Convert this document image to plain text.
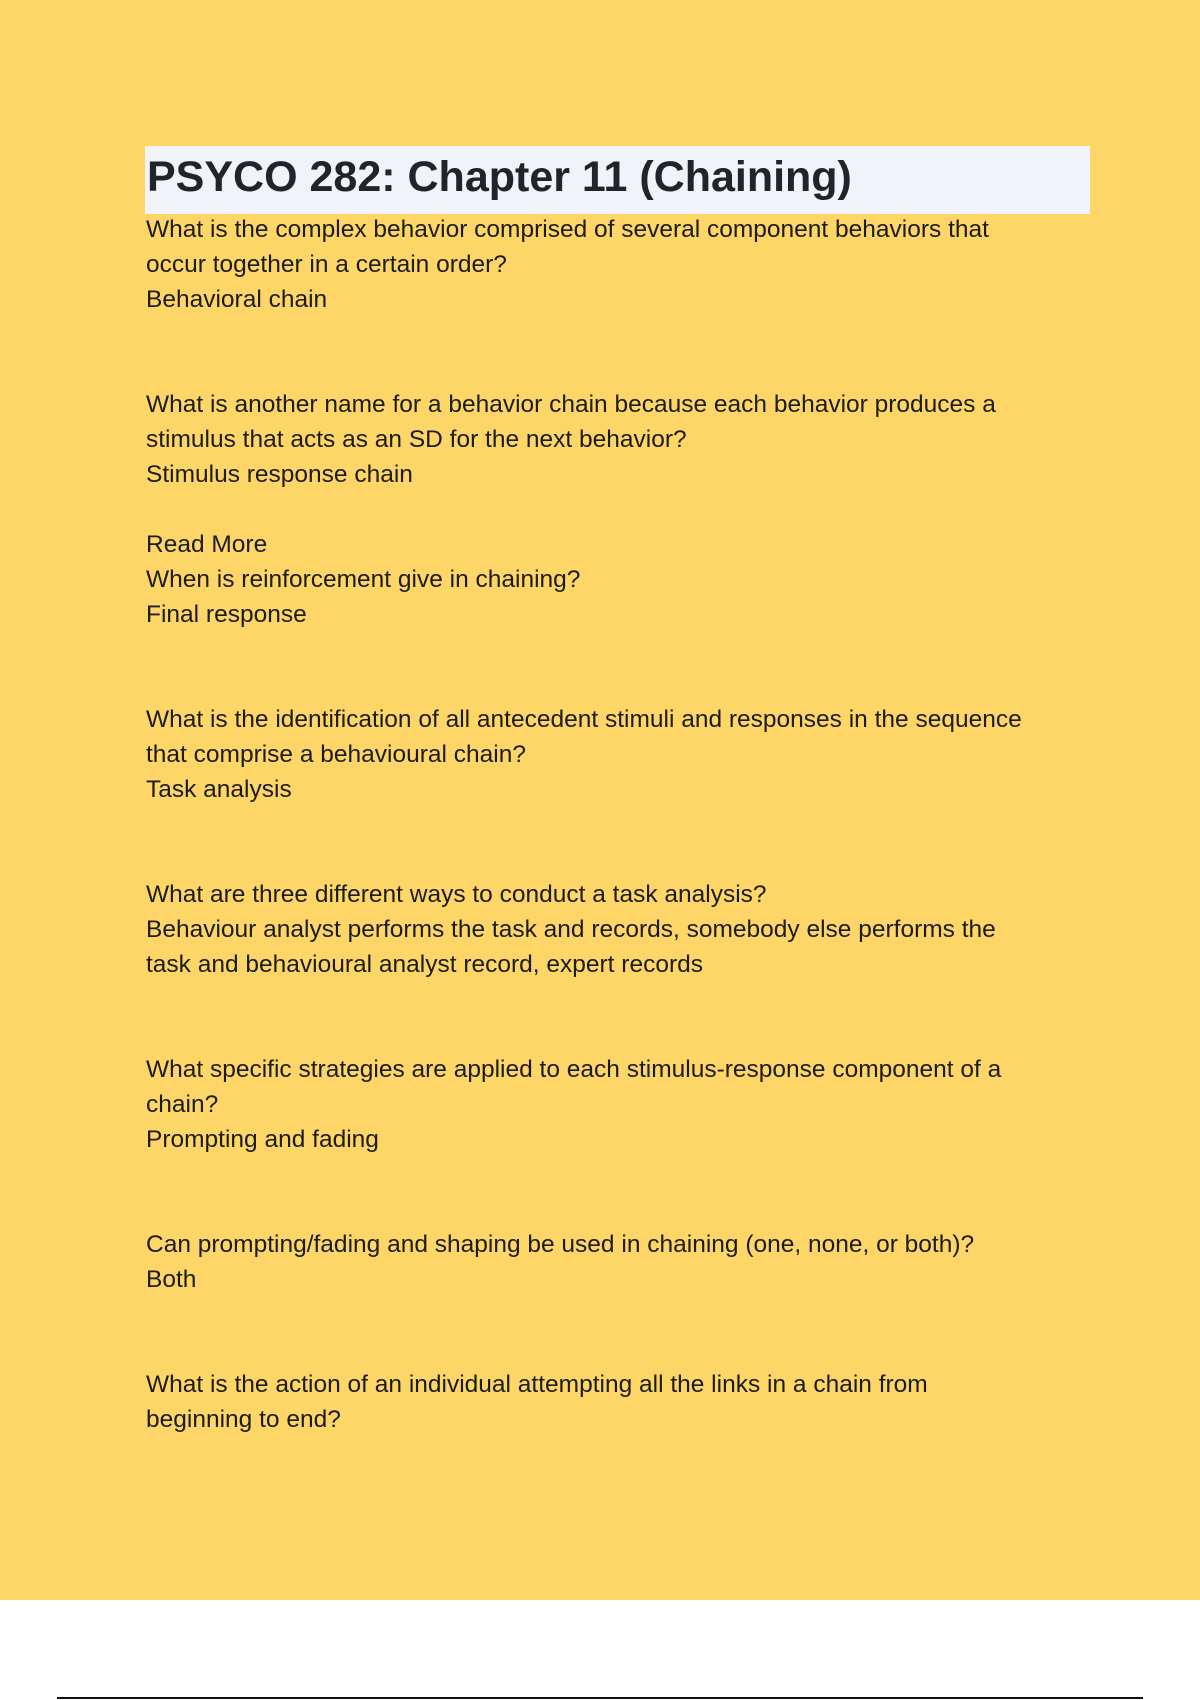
PSYCO 282: Chapter 11 (Chaining)

What is the complex behavior comprised of several component behaviors that

occur together in a certain order?

Behavioral chain

What is another name for a behavior chain because each behavior produces a

stimulus that acts as an SD for the next behavior?

Stimulus response chain

Read More

When is reinforcement give in chaining?

Final response

What is the identification of all antecedent stimuli and responses in the sequence

that comprise a behavioural chain?

Task analysis

What are three different ways to conduct a task analysis?

Behaviour analyst performs the task and records, somebody else performs the

task and behavioural analyst record, expert records

What specific strategies are applied to each stimulus-response component of a

chain?

Prompting and fading

Can prompting/fading and shaping be used in chaining (one, none, or both)?

Both

What is the action of an individual attempting all the links in a chain from

beginning to end?
